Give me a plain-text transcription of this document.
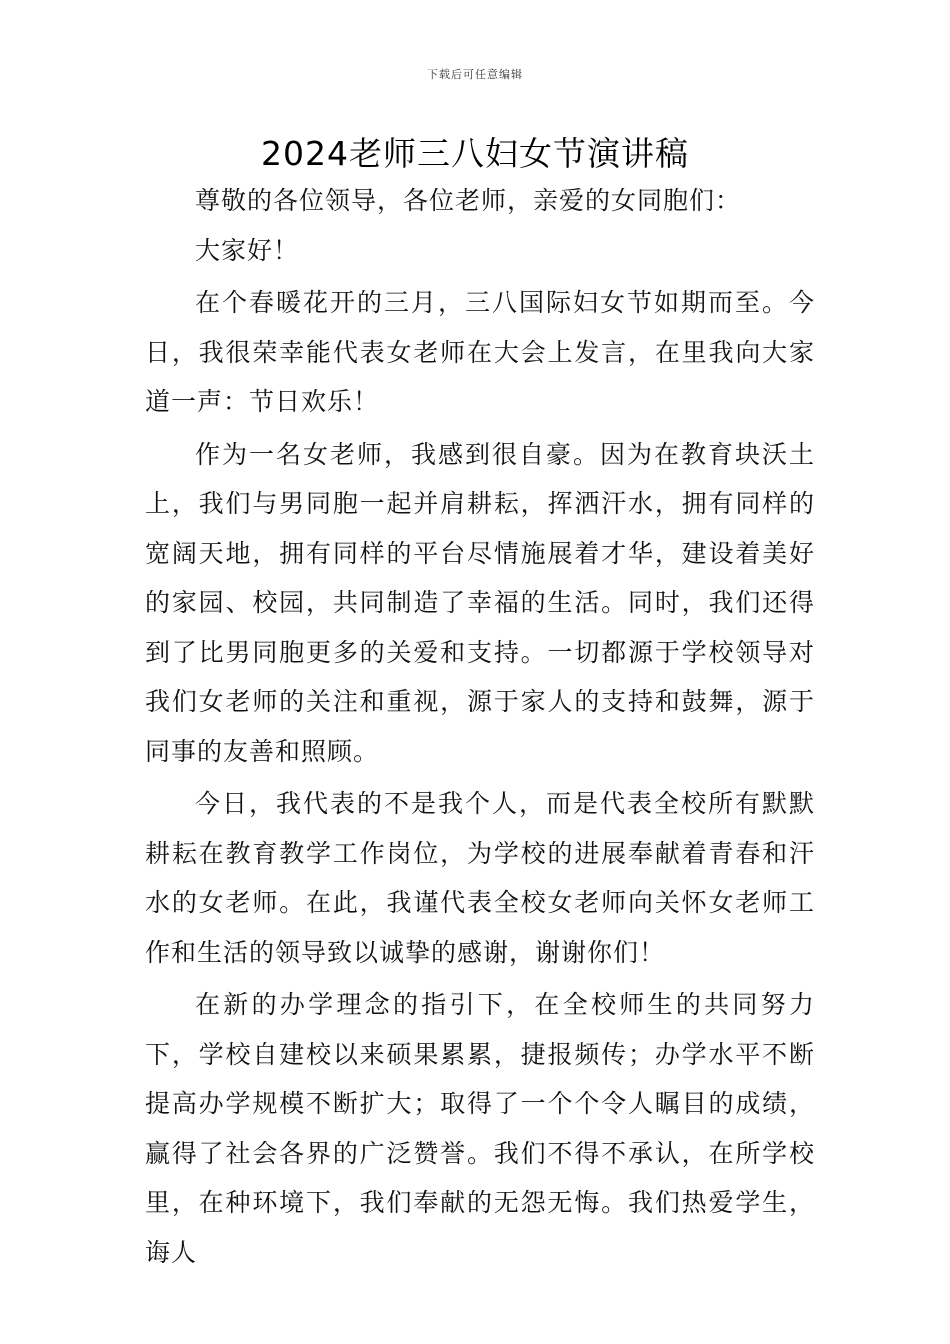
下载后可任意编辑
2024老师三八妇女节演讲稿

尊敬的各位领导，各位老师，亲爱的女同胞们：

大家好！

在个春暖花开的三月，三八国际妇女节如期而至。今日，我很荣幸能代表女老师在大会上发言，在里我向大家道一声：节日欢乐！

作为一名女老师，我感到很自豪。因为在教育块沃土上，我们与男同胞一起并肩耕耘，挥洒汗水，拥有同样的宽阔天地，拥有同样的平台尽情施展着才华，建设着美好的家园、校园，共同制造了幸福的生活。同时，我们还得到了比男同胞更多的关爱和支持。一切都源于学校领导对我们女老师的关注和重视，源于家人的支持和鼓舞，源于同事的友善和照顾。

今日，我代表的不是我个人，而是代表全校所有默默耕耘在教育教学工作岗位，为学校的进展奉献着青春和汗水的女老师。在此，我谨代表全校女老师向关怀女老师工作和生活的领导致以诚挚的感谢，谢谢你们！

在新的办学理念的指引下，在全校师生的共同努力下，学校自建校以来硕果累累，捷报频传；办学水平不断提高办学规模不断扩大；取得了一个个令人瞩目的成绩，赢得了社会各界的广泛赞誉。我们不得不承认，在所学校里，在种环境下，我们奉献的无怨无悔。我们热爱学生，诲人
